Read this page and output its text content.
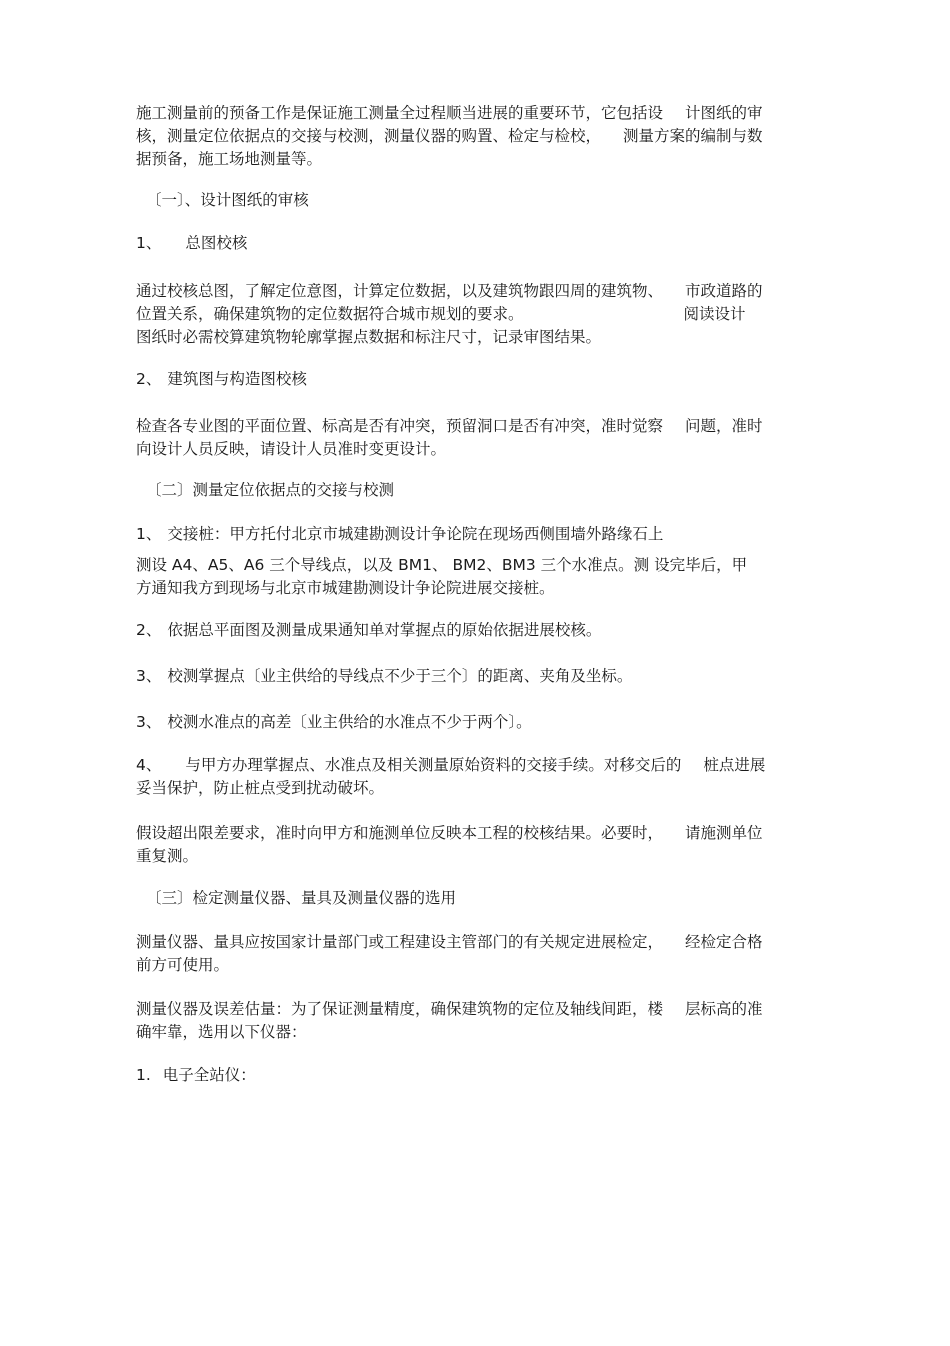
施工测量前的预备工作是保证施工测量全过程顺当进展的重要环节，它包括设 计图纸的审

核，测量定位依据点的交接与校测，测量仪器的购置、检定与检校， 测量方案的编制与数

据预备，施工场地测量等。

〔一〕、设计图纸的审核

1、 总图校核

通过校核总图，了解定位意图，计算定位数据，以及建筑物跟四周的建筑物、 市政道路的

位置关系，确保建筑物的定位数据符合城市规划的要求。	阅读设计

图纸时必需校算建筑物轮廓掌握点数据和标注尺寸，记录审图结果。

2、 建筑图与构造图校核

检查各专业图的平面位置、标高是否有冲突，预留洞口是否有冲突，准时觉察 问题，准时

向设计人员反映，请设计人员准时变更设计。

〔二〕测量定位依据点的交接与校测

1、 交接桩：甲方托付北京市城建勘测设计争论院在现场西侧围墙外路缘石上

测设 A4、A5、A6 三个导线点，以及 BM1、 BM2、BM3 三个水准点。测 设完毕后，甲

方通知我方到现场与北京市城建勘测设计争论院进展交接桩。

2、 依据总平面图及测量成果通知单对掌握点的原始依据进展校核。

3、 校测掌握点〔业主供给的导线点不少于三个〕的距离、夹角及坐标。

3、 校测水准点的高差〔业主供给的水准点不少于两个〕。

4、 与甲方办理掌握点、水准点及相关测量原始资料的交接手续。对移交后的 桩点进展

妥当保护，防止桩点受到扰动破坏。

假设超出限差要求，准时向甲方和施测单位反映本工程的校核结果。必要时， 请施测单位

重复测。

〔三〕检定测量仪器、量具及测量仪器的选用

测量仪器、量具应按国家计量部门或工程建设主管部门的有关规定进展检定， 经检定合格

前方可使用。

测量仪器及误差估量：为了保证测量精度，确保建筑物的定位及轴线间距，楼 层标高的准

确牢靠，选用以下仪器：

1. 电子全站仪：
